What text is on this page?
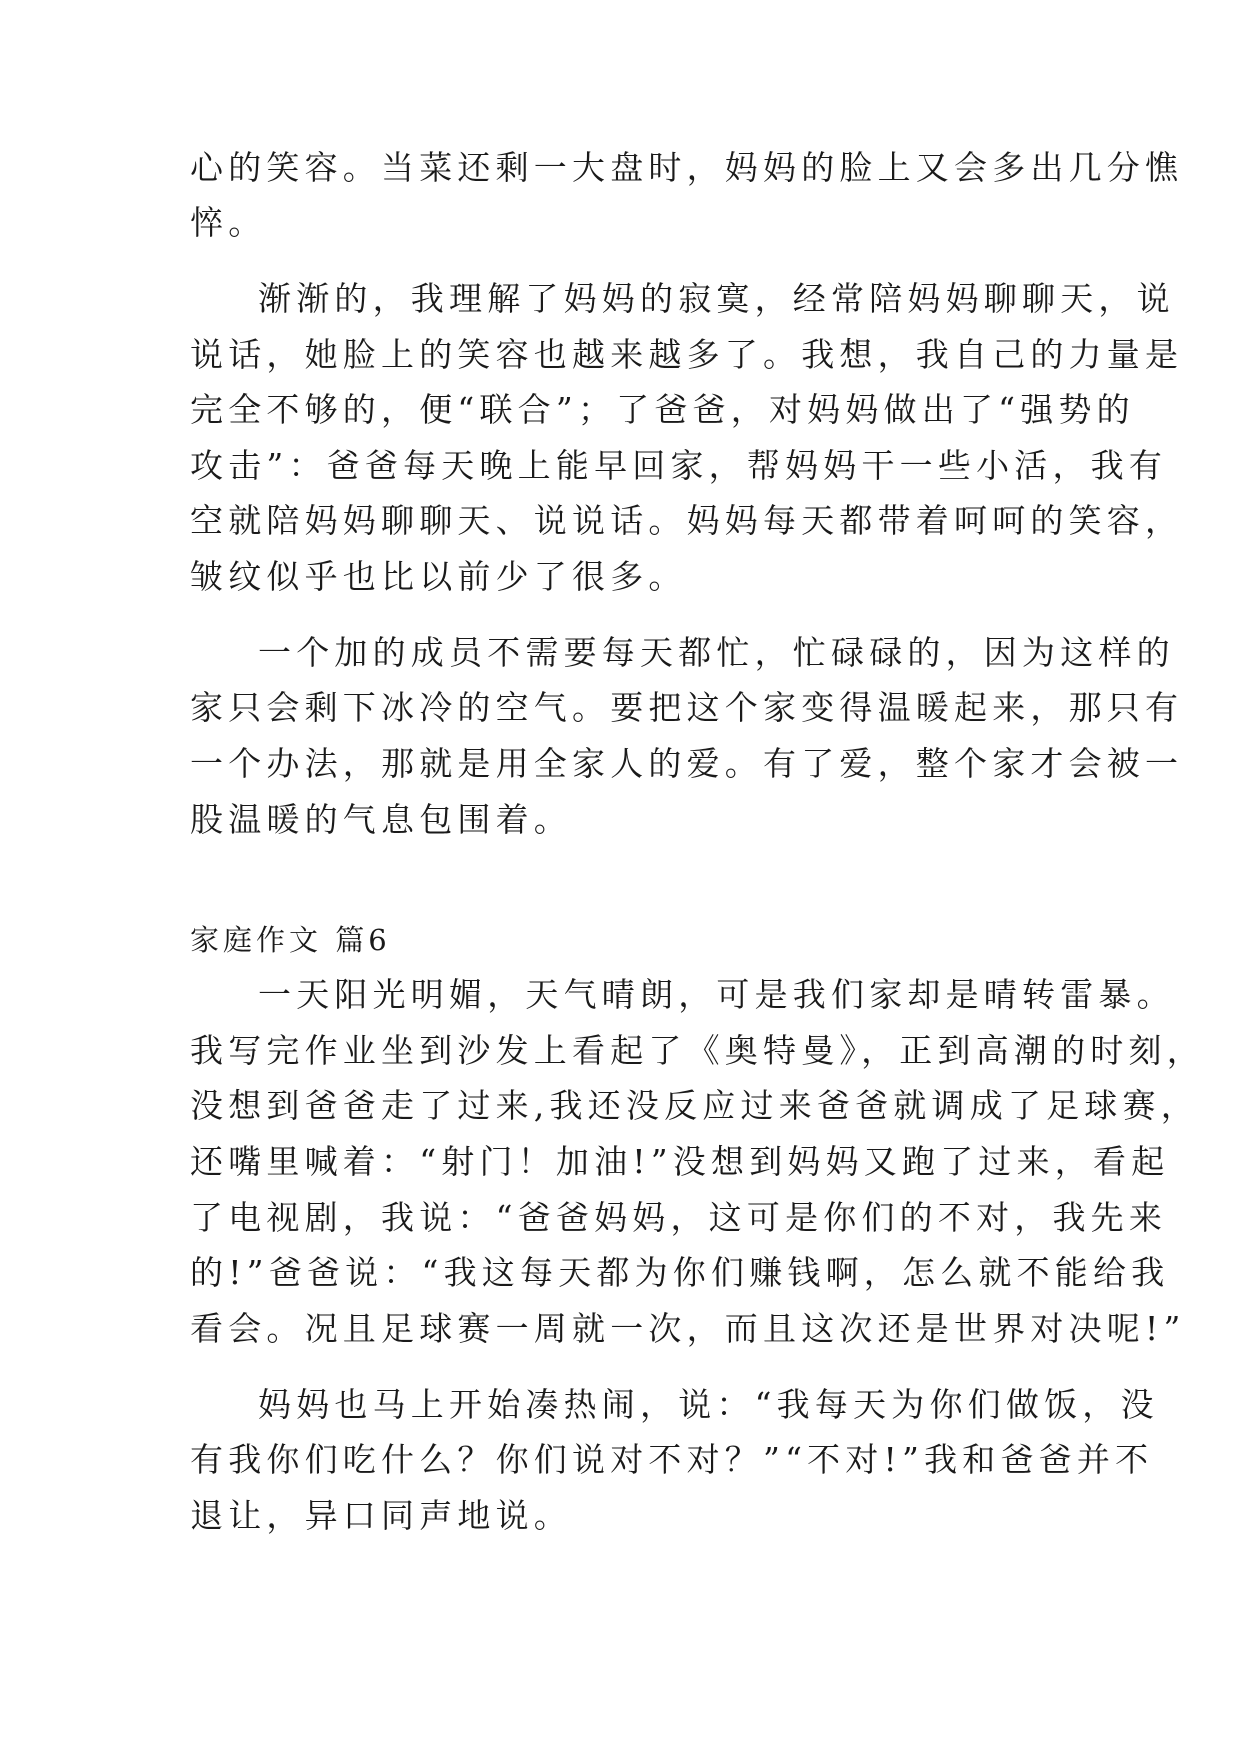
心的笑容。当菜还剩一大盘时，妈妈的脸上又会多出几分憔
悴。
渐渐的，我理解了妈妈的寂寞，经常陪妈妈聊聊天，说
说话，她脸上的笑容也越来越多了。我想，我自己的力量是
完全不够的，便“联合”；了爸爸，对妈妈做出了“强势的
攻击”：爸爸每天晚上能早回家，帮妈妈干一些小活，我有
空就陪妈妈聊聊天、说说话。妈妈每天都带着呵呵的笑容，
皱纹似乎也比以前少了很多。
一个加的成员不需要每天都忙，忙碌碌的，因为这样的
家只会剩下冰冷的空气。要把这个家变得温暖起来，那只有
一个办法，那就是用全家人的爱。有了爱，整个家才会被一
股温暖的气息包围着。
家庭作文 篇6
一天阳光明媚，天气晴朗，可是我们家却是晴转雷暴。
我写完作业坐到沙发上看起了《奥特曼》，正到高潮的时刻，
没想到爸爸走了过来,我还没反应过来爸爸就调成了足球赛，
还嘴里喊着：“射门！加油!”没想到妈妈又跑了过来，看起
了电视剧，我说：“爸爸妈妈，这可是你们的不对，我先来
的!”爸爸说：“我这每天都为你们赚钱啊，怎么就不能给我
看会。况且足球赛一周就一次，而且这次还是世界对决呢!”
妈妈也马上开始凑热闹，说：“我每天为你们做饭，没
有我你们吃什么？你们说对不对？”“不对!”我和爸爸并不
退让，异口同声地说。
